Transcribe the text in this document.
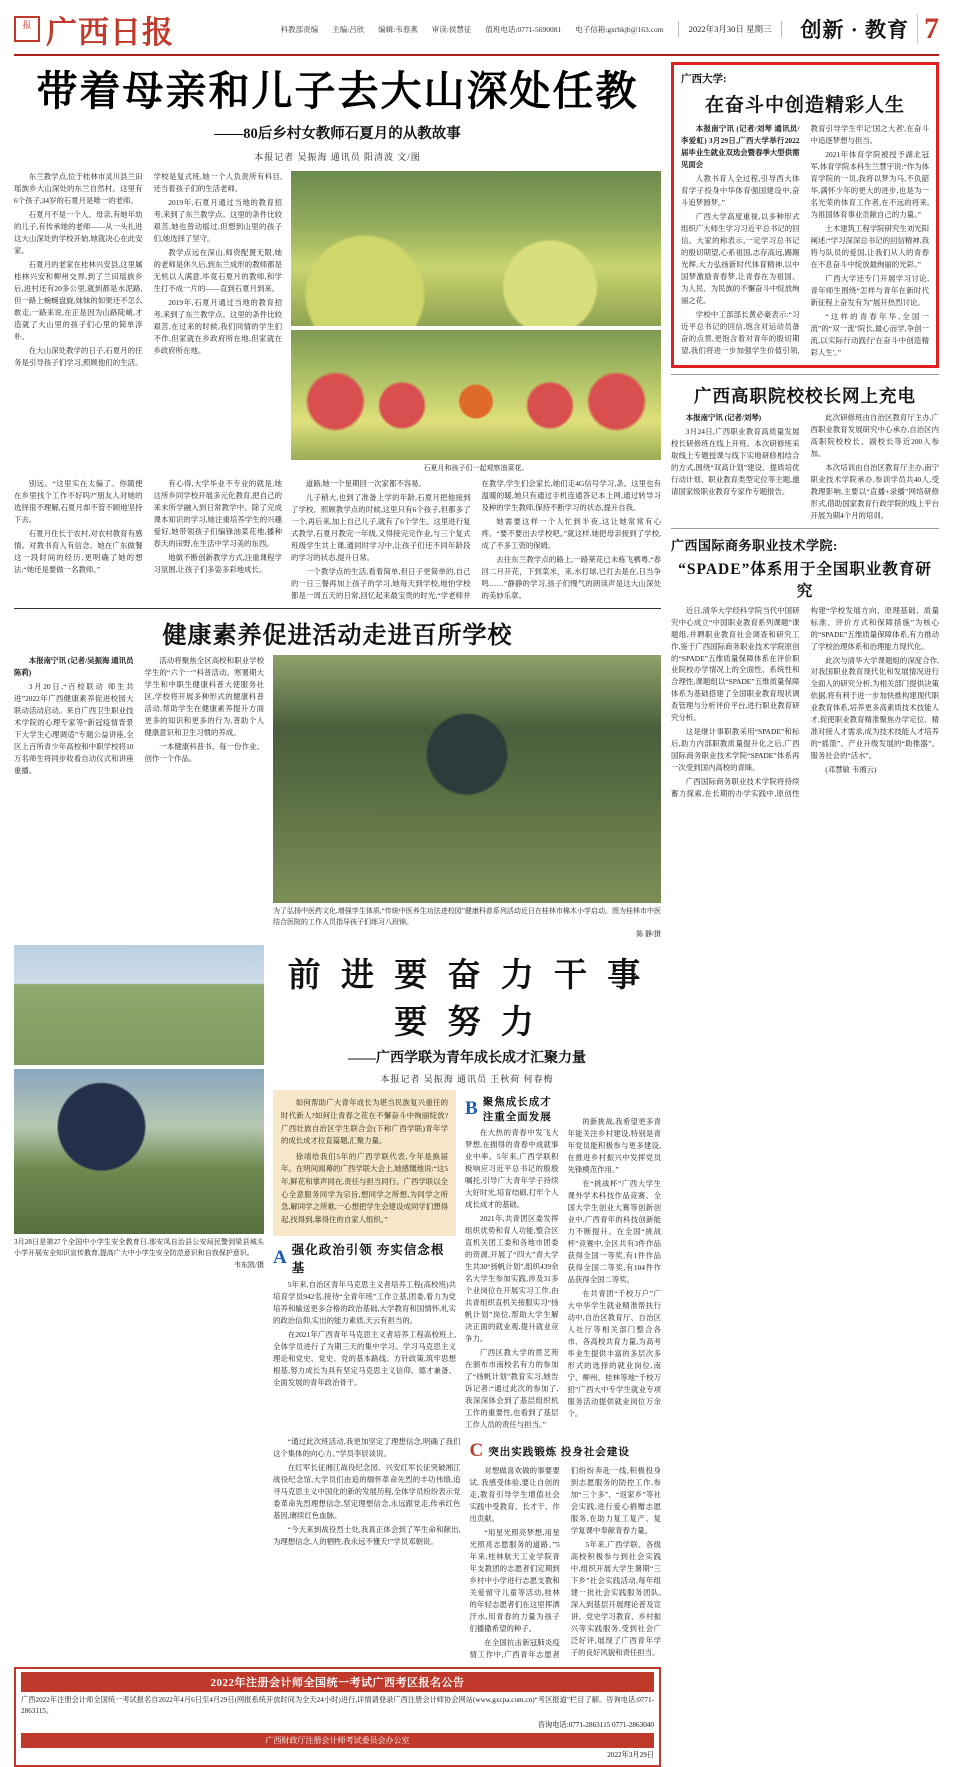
报 广西日报	科教部责编 主编:吕欣 编辑:韦春燕 审读:侯慧征 值班电话:0771-5690081 电子信箱:gxrbkjb@163.com	2022年3月30日 星期三	创新 · 教育 7
带着母亲和儿子去大山深处任教
——80后乡村女教师石夏月的从教故事
本报记者 吴振海 通讯员 阳清波 文/图

东兰教学点,位于桂林市灵川县兰田瑶族乡大山深处的东兰自然村。这里有6个孩子,34岁的石夏月是唯一的老师。

石夏月不是一个人。母亲,有她年幼的儿子,有传承她的老师——从一头扎进这大山深处的学校开始,她就决心在此安家。

石夏月的老家在桂林兴安县,这里属桂林兴安和柳州交界,到了兰田瑶族乡后,进村还有20多公里,就到都是水泥路,但一路上蜿蜒盘旋,妹妹的如果还不怎么敢走,一路来说,在正是因为山路陡峭,才造就了大山里的孩子们心里的简单淳朴。

在大山深处教学的日子,石夏月的任务是引导孩子们学习,照顾他们的生活。学校是复式班,她一个人负责所有科目,还当着孩子们的生活老师。

2019年,石夏月通过当地的教育招考,来到了东兰教学点。这里的条件比较艰苦,她也曾动摇过,但想到山里的孩子们,她选择了坚守。

教学点远在深山,师资配置无限,她的老师是休久后,到东兰成形的教师都是无机以人满意,毕竟石夏月的教师,和学生打不成一片的——直到石夏月到来。

2019年,石夏月通过当地的教育招考,来到了东兰教学点。这里的条件比较艰苦,在过来的时候,我们同情的学生们不作,但家就在乡政府所在地,但家就在乡政府所在地。

石夏月和孩子们一起观察油菜花。

别远。“这里实在太偏了。你随便在乡里找个工作不好吗?”朋友人对她的选择很不理解,石夏月却不管不顾地坚持下去。

石夏月住长于农村,对农村教育有感情。对教书育人有信念。她在广东做餐这一段时间的经历,更明确了她的想法:“她还是要做一名教师。”

有心得,大学毕业不专业的就是,她这所乡同学校开展多元化教育,把自己的来未所学融入到日常教学中。除了完成课本知识的学习,她注重培养学生的兴趣爱好,她带领孩子们编锋油菜花地,播种春天的田野,在生活中学习美的东西。

地做不断创新教学方式,注重课程学习氛围,让孩子们多姿多彩地成长。

道路,她一个星期回一次家都不容易。

儿子稍大,也到了准备上学的年龄,石夏月把他接到了学校。照顾教学点的时候,这里只有6个孩子,但都多了一个,再后来,加上自己儿子,就有了6个学生。这里进行复式教学,石夏月教完一年级,又得接完完作业,与三个复式班级学生共上课,通同时学习中,让孩子们还不同年龄段的学习的状态,提升日常。

一个教学点的生活,看着简单,但日子更简单的,自己的一日三餐再加上孩子的学习,她每天到学校,地怕学校都是一周五天的日常,回忆起来最宝贵的时光,“学老师并在教学,学生们会家长,她们走4G信号学习,条。这里也有温暖的暖,她只有通过手机连通答记本上网,通过转导习及种的学生教师,保持不断学习的状态,提升自我。

她需要这样一个人忙到半夜,这让她常常有心疼。“要不要出去学校吧。”就这样,她把母亲接到了学校,成了不多工资的保姆。

去往东兰教学点的路上,一路莱花已未栋飞栖粤,“春回二月开花，下到菜米，来,水打球,已打去是在,日当争鸣……”静静的学习,孩子们慢气的朗读声是这大山深处的美妙乐章。

健康素养促进活动走进百所学校

本报南宁讯 (记者/吴振海 通讯员 陈莉)

3月20日,“百校联动 师生共进”2022年广西健康素养促进校园大联动活动启动。来自广西卫生职业技术学院的心理专家等“新冠疫情背景下大学生心理调适”专题公益讲座,全区上百所青少年高校和中职学校将10万名师生将同步收看自动仪式和讲座重播。

活动将聚焦全区高校和职业学校学生的“六个一”科普活动。寒署期大学生和中职生健康科普大使服务社区,学校将开展多种形式的健康科普活动,帮助学生在健康素养提升方面更多的知识和更多的行为,普助个人健康意识和卫生习惯的养成。

一本健康科普书、每一份作业、创作一个作品。

为了弘扬中医药文化,增强学生体质,“传统中医养生功法进校园”健康科普系列活动近日在桂林市棉木小学启动。图为桂林市中医结合医院的工作人员指导孩子们练习八段锦。
陈 静/摄
3月28日是第27个全国中小学生安全教育日,那安凤自治县公安局民警到梁县城头小学开展安全知识宣传教育,提高广大中小学生安全防范意识和自我保护意识。
韦东凯/摄
前 进 要 奋 力 干 事 要 努 力
——广西学联为青年成长成才汇聚力量
本报记者 吴振海 通讯员 王秋荷 何春梅

如何帮助广大青年成长为堪当民族复兴重任的时代新人?如何让青春之花在不懈奋斗中绚丽绽放?广西壮族自治区学生联合会(下称广西学联)青年学的成长成才拉直篇题,汇聚力量。

徐靖给我们5年的广西学联代表,今年是换届年。在明间闻幕的广西学联大会上,她感慨地说:“这5年,鲜花和掌声同在,责任与担当同行。广西学联以全心全意服务同学为宗旨,想同学之所想,为同学之所急,解同学之所难,一心想把学生会建设成同学们想得起,找得到,靠得住的自家人组织。”

A 强化政治引领 夯实信念根基

5年来,自治区青年马克思主义者培养工程(高校班)共培育学员942名,接待“全青年班”工作立基,团委,着力为党培养和输送更多合格的政治基础,大学教育和国情怀,札实的政治信仰,实出的能力素质,天云有担当的。

在2021年广西青年马克思主义者培养工程高校班上,全体学员进行了为期三天的集中学习。学习马克思主义理论和党史、党史、党的基本路线、方针政策,筑牢思想根基,努力成长为具有坚定马克思主义信仰、德才兼备、全面发展的青年政治骨干。

B 聚焦成长成才 注重全面发展

在大热的青春中发飞大梦想,在拥得的青春中成就事业中率。5年来,广西学联积极响应习近平总书记的殷殷嘱托,引导广大青年学子持续大好时光,培育结硕,打牢个人成长成才的基础。

2021年,共青团区委发挥组织优势和育人功能,整合区直机关团工委和各地市团委的资源,开展了“四大”青大学生共30“扬帆计划”,组织439余名大学生参加实践,涉及31多个业岗位在开展实习工作,由共青组织直机关接服实习“扬帆计划”岗位,帮助大学生解决正面的就业观,提升就业竞争力。

广西区教大学的贯艺苑在颁布市南校名有力的参加了“扬帆计划”教育实习,她告诉记者:“通过此次的参加了,我深深体会到了基层组织机工作的重要性,也看到了基层工作人员的责任与担当。”

的新挑战,我希望更多青年能关注乡村建设,特别是青年党员能积极参与更多建设,在推进乡村振兴中发挥党员先锋模范作用。”

在“挑战杯”广西大学生课外学术科技作品竞赛、全国大学生创业大赛等创新创业中,广西青年的科技创新能力不断提升。在全国“挑战杯”竞赛中,全区共有3件作品获得全国一等奖,有1件作品获得全国二等奖,有104件作品获得全国二等奖。

在共青团“千校万户”广大中华学生就业精准帮扶行动中,自治区教育厅、自治区人社厅等相关部门整合各市、各高校共育力量,为高考毕业生提供丰富的多层次多形式的选择的就业岗位,南宁、柳州、桂林等地“千校万招”广西大中专学生就业专项服务活动提供就业岗位万余个。

“通过此次班活动,我更加坚定了理想信念,明确了我们这个集体的向心力。”学员李辰谈说。

在红军长征湘江战役纪念园、兴安红军长征突破湘江战役纪念馆,大学员们由追的缅怀革命先烈的丰功伟绩,追寻马克思主义中国化的新的发展历程,全体学员纷纷表示党委革命先烈理想信念,坚定理想信念,永远跟党走,传承红色基因,赓续红色血脉。

“今天来到战役烈士处,我真正体会到了军生命和献出,为理想信念,人的牺牲,我永远不懂天!”学员邓朝说。

C 突出实践锻炼 投身社会建设

对想做喜欢做的事要要试, 我感受体验,要让自创的走,教育引导学生增值社会实践中受教育、长才干、作出贡献。

“用星光照亮梦想,用星光照亮志愿服务的道路。”5年来,桂林航天工业学院青年支教团的志愿者们定期到乡村中小学进行志愿支教和关爱留守儿童等活动,桂林的年轻志愿者们在这里挥洒汗水,用青春的力量为孩子们播撒希望的种子。

在全国抗击新冠肺炎疫情工作中,广西青年志愿者们纷纷奔赴一线,积极投身到志愿服务的防控工作,参加“三个多”、“返家乡”等社会实践,进行爱心捐赠志愿服务,在助力复工复产、复学复课中奉献青春力量。

5年来,广西学联、各级高校积极参与到社会实践中,组织开展大学生暑期“三下乡”社会实践活动,每年组建一批社会实践服务团队,深入到基层开展理论普及宣讲、党史学习教育、乡村振兴等实践服务,受到社会广泛好评,展现了广西青年学子的良好风貌和责任担当。

2022年注册会计师全国统一考试广西考区报名公告
广西2022年注册会计师全国统一考试报名自2022年4月6日至4月29日(网报系统开放时间为全天24小时)进行,详情请登录广西注册会计师协会网站(www.gxcpa.com.cn)“考区报道”栏目了解。咨询电话:0771-2863115。
咨询电话:0771-2863115 0771-2863040
广西财政厅注册会计师考试委员会办公室
2022年3月29日
广西大学:
在奋斗中创造精彩人生

本报南宁讯 (记者/刘琴 通讯员/李爱虹) 3月29日,广西大学举行2022届毕业生就业双选会暨春季大型供需见面会

人教书育人全过程,引导西大体育学子投身中华体育强国建设中,奋斗追梦圆梦。”

广西大学高度重视,以多种形式组织广大师生学习习近平总书记的回信。大家的称表示,一定学习总书记的殷切期望,心系祖国,志存高远,踢踢光辉,大力弘扬新时代体育精神,以中国梦激励青春梦,让青春在为祖国、为人民、为民族的不懈奋斗中绽放绚丽之花。

学校中工部部长黄必豪表示:“习近平总书记的回信,饱含对运动员备奋的点贯,更饱含着对青年的殷切期望,我们将进一步加强学生价值引领,教育引导学生牢记'国之大者',在奋斗中追逐梦想与担当。

2021年体育学院被授予湖北冠军,体育学院本科生兰慧宇说:“作为体育学院的一员,我将以梦为马,不负韶华,满怀少年的更大的进步,也是为一名光荣的体育工作者,在不远的将来,为祖国体育事业贡献自己的力量。”

土木建筑工程学院研究生刘光阳阐述:“学习深深总书记的回信精神,我将与队员的爱国,让我们从人的青春在不息奋斗中绽放最绚丽的光彩。”

广西大学还专门开展学习讨论,青年师生围绕“怎样与青年在新时代新征程上奋发有为”展开热烈讨论。

“这样的青春年华,全国一流”的“双一流”院长,最心而学,争创一流,以实际行动践行'在奋斗中创造精彩人生'。”

广西高职院校校长网上充电

本报南宁讯 (记者/刘琴)

3月24日,广西职业教育高质量发展校长研修班在线上开班。本次研修班采取线上专题授课与线下实地研修相结合的方式,围绕“双高计划”建设、提质培优行动计划、职业教育类型定位等主题,邀请国家级职业教育专家作专题报告。

此次研修班由自治区教育厅主办,广西职业教育发展研究中心承办,自治区内高职院校校长、副校长等近200人参加。

本次培训由自治区教育厅主办,南宁职业技术学院承办,参训学员共40人,受教理影响,主要以“直播+录播”网络研修形式,借助国家教育行政学院的线上平台开展为期4个月的培训。

广西国际商务职业技术学院:
“SPADE”体系用于全国职业教育研究

近日,清华大学经科学院当代中国研究中心成立“中国职业教育系列课题”课题组,并聘职业教育社会调查和研究工作,鉴于广西国际商务职业技术学院原创的“SPADE”五维质量保障体系在评价职业院校办学情况上的全面性、系统性和合理性,课题组以“SPADE”五维质量保障体系为基础搭建了全国职业教育现状调查管理与分析评价平台,进行职业教育研究分析。

这是继计事职教采用“SPADE”和标后,助力内部职教质量提升化之后,广西国际商务职业技术学院“SPADE”体系再一次受到国内高校的青睐。

广西国际商务职业技术学院将持续蓄力探索,在长期的办学实践中,原创性构建“学校发展方向、原理基础、质量标准、评价方式和保障措施”为核心的“SPADE”五维质量保障体系,有力推动了学校治理体系和治理能力现代化。

此次与清华大学课题组的深度合作,对我国职业教育现代化和发展情况进行全面人的研究分析,为相关部门提供决策依据,将有利于进一步加快推构建现代职业教育体系,培养更多高素质技术技能人才,促使职业教育精准聚焦办学定位、精准对接人才需求,成为技术技能人才培养的“摇篮”、产业升级发展的“助推器”、服务社会的“活水”。

(邓慧敏 韦湘云)
